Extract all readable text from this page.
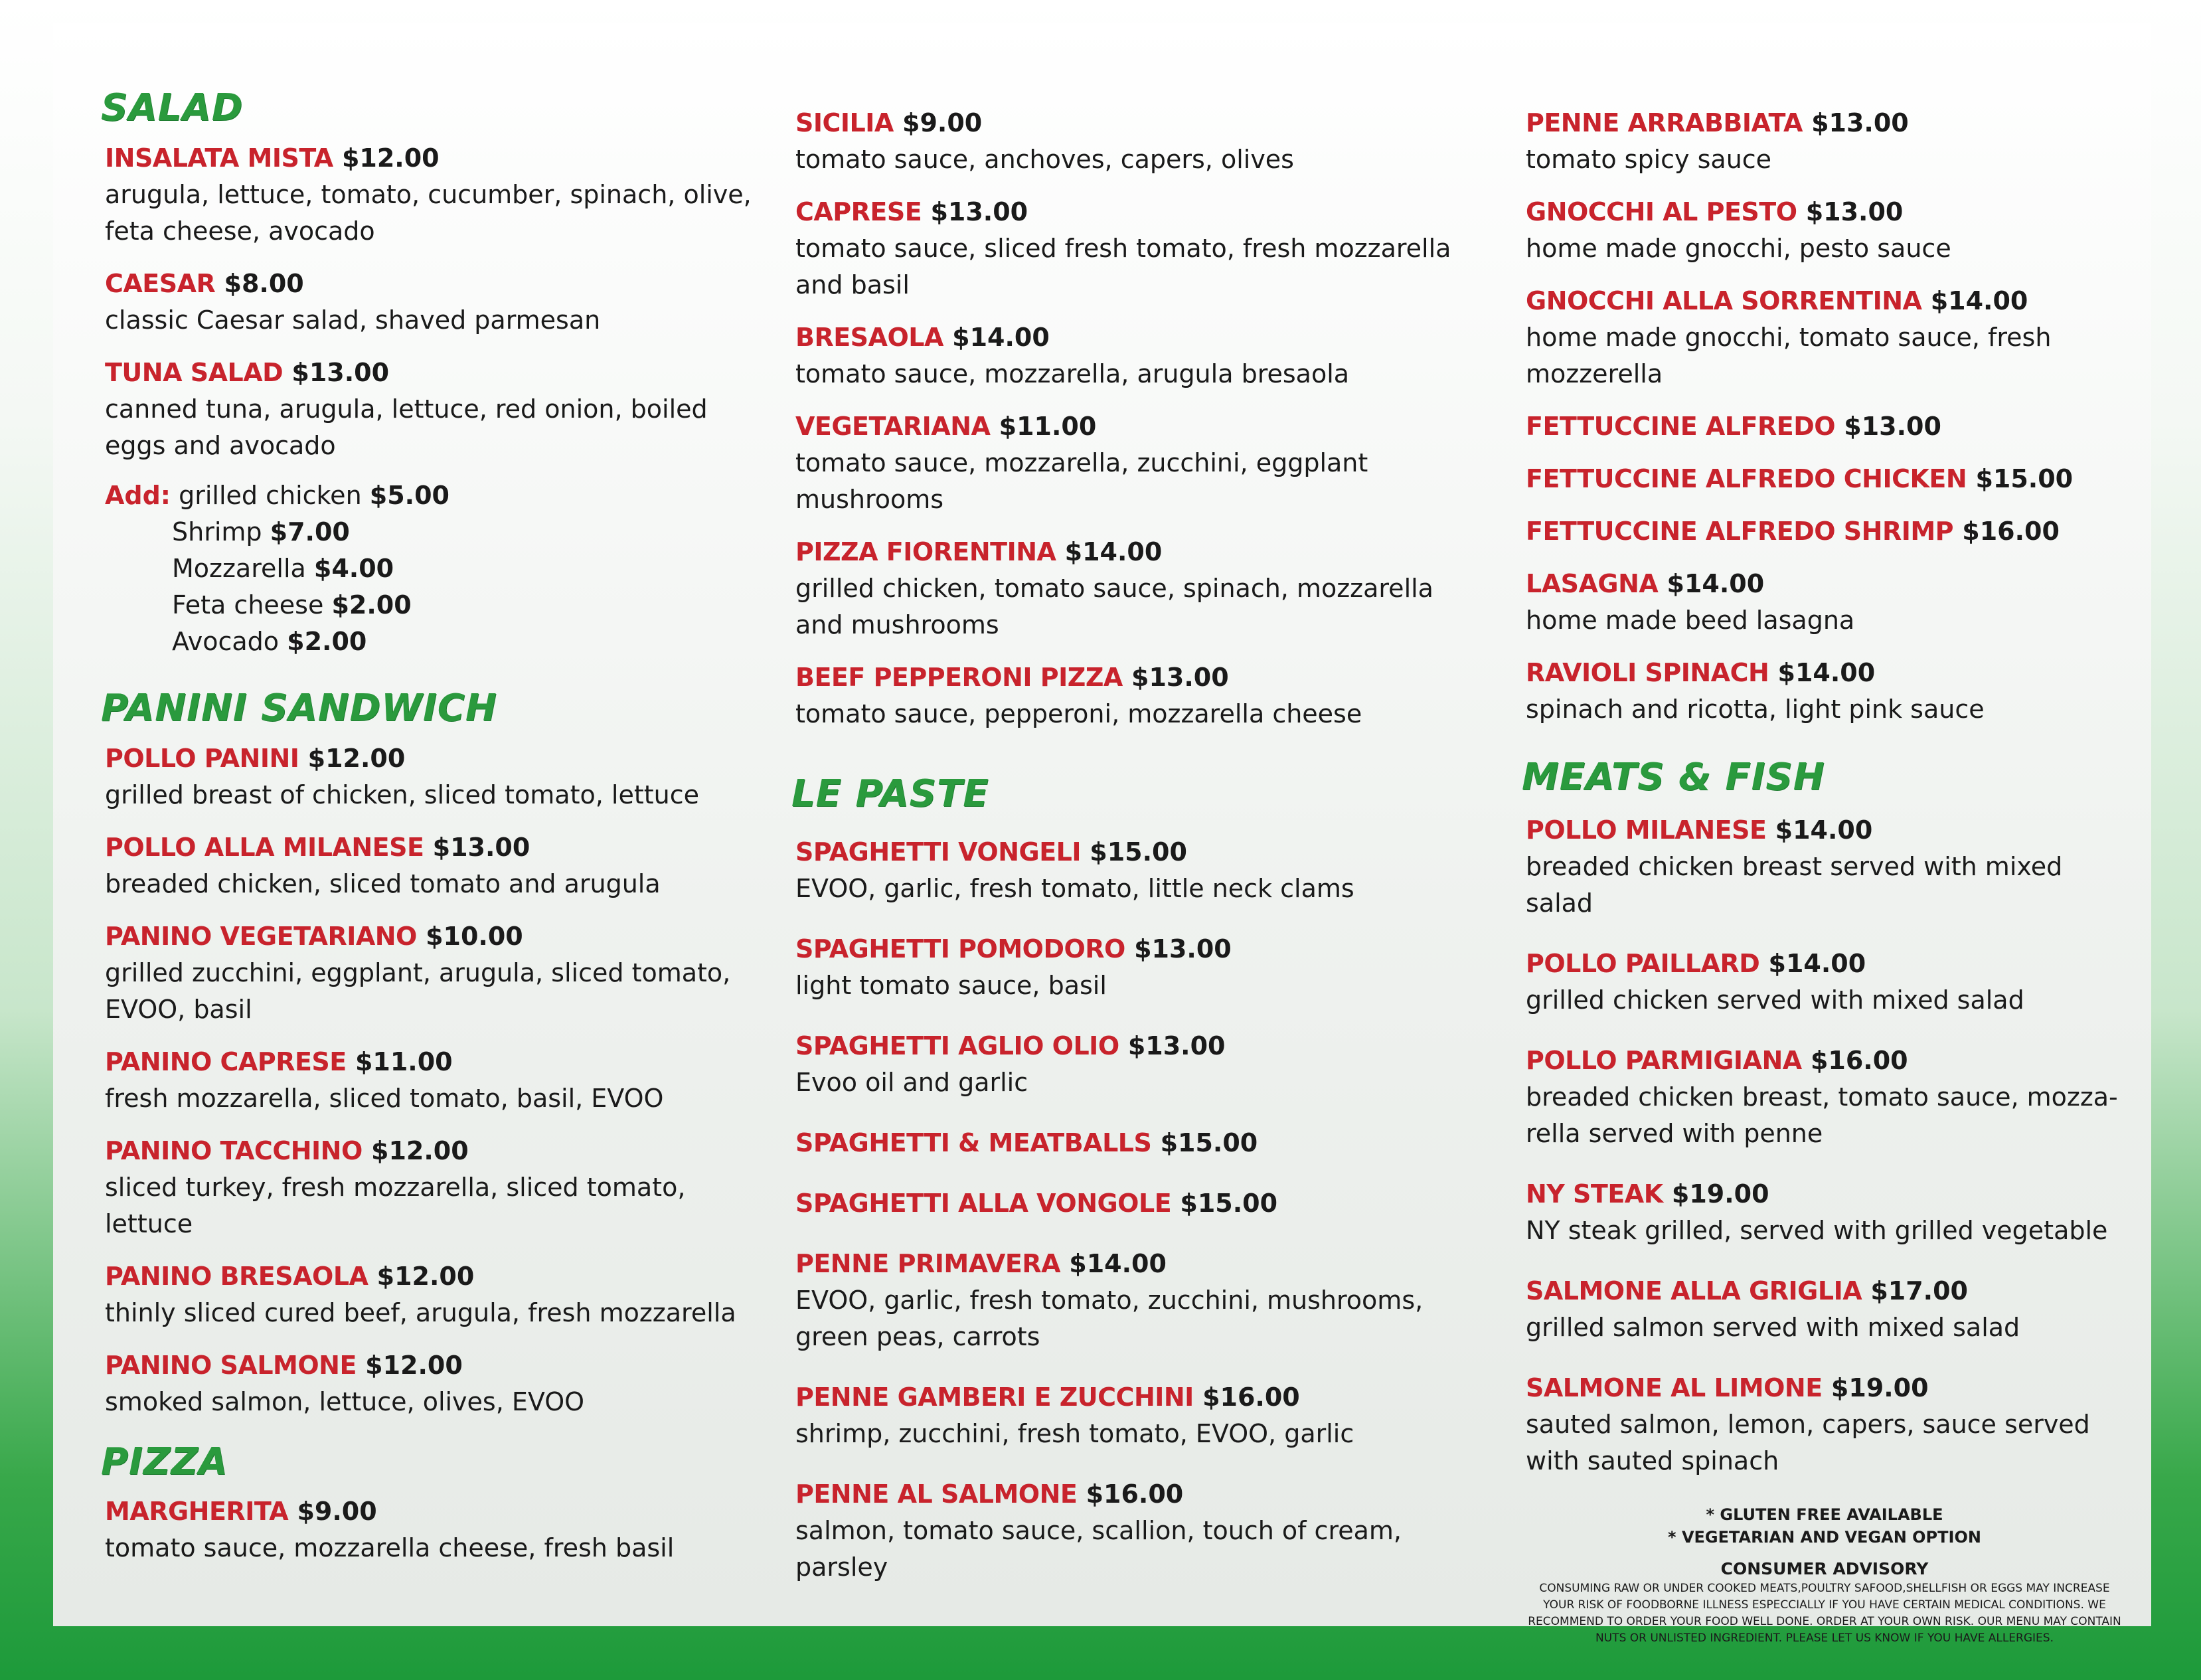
SALAD
INSALATA MISTA $12.00
arugula, lettuce, tomato, cucumber, spinach, olive, feta cheese, avocado
CAESAR $8.00
classic Caesar salad, shaved parmesan
TUNA SALAD $13.00
canned tuna, arugula, lettuce, red onion, boiled eggs and avocado
Add: grilled chicken $5.00
Shrimp $7.00
Mozzarella $4.00
Feta cheese $2.00
Avocado $2.00
PANINI SANDWICH
POLLO PANINI $12.00
grilled breast of chicken, sliced tomato, lettuce
POLLO ALLA MILANESE $13.00
breaded chicken, sliced tomato and arugula
PANINO VEGETARIANO $10.00
grilled zucchini, eggplant, arugula, sliced tomato, EVOO, basil
PANINO CAPRESE $11.00
fresh mozzarella, sliced tomato, basil, EVOO
PANINO TACCHINO $12.00
sliced turkey, fresh mozzarella, sliced tomato, lettuce
PANINO BRESAOLA $12.00
thinly sliced cured beef, arugula, fresh mozzarella
PANINO SALMONE $12.00
smoked salmon, lettuce, olives, EVOO
PIZZA
MARGHERITA $9.00
tomato sauce, mozzarella cheese, fresh basil
SICILIA $9.00
tomato sauce, anchoves, capers, olives
CAPRESE $13.00
tomato sauce, sliced fresh tomato, fresh mozzarella and basil
BRESAOLA $14.00
tomato sauce, mozzarella, arugula bresaola
VEGETARIANA $11.00
tomato sauce, mozzarella, zucchini, eggplant mushrooms
PIZZA FIORENTINA $14.00
grilled chicken, tomato sauce, spinach, mozzarella and mushrooms
BEEF PEPPERONI PIZZA $13.00
tomato sauce, pepperoni, mozzarella cheese
LE PASTE
SPAGHETTI VONGELI $15.00
EVOO, garlic, fresh tomato, little neck clams
SPAGHETTI POMODORO $13.00
light tomato sauce, basil
SPAGHETTI AGLIO OLIO $13.00
Evoo oil and garlic
SPAGHETTI & MEATBALLS $15.00
SPAGHETTI ALLA VONGOLE $15.00
PENNE PRIMAVERA $14.00
EVOO, garlic, fresh tomato, zucchini, mushrooms, green peas, carrots
PENNE GAMBERI E ZUCCHINI $16.00
shrimp, zucchini, fresh tomato, EVOO, garlic
PENNE AL SALMONE $16.00
salmon, tomato sauce, scallion, touch of cream, parsley
PENNE ARRABBIATA $13.00
tomato spicy sauce
GNOCCHI AL PESTO $13.00
home made gnocchi, pesto sauce
GNOCCHI ALLA SORRENTINA $14.00
home made gnocchi, tomato sauce, fresh mozzerella
FETTUCCINE ALFREDO $13.00
FETTUCCINE ALFREDO CHICKEN $15.00
FETTUCCINE ALFREDO SHRIMP $16.00
LASAGNA $14.00
home made beed lasagna
RAVIOLI SPINACH $14.00
spinach and ricotta, light pink sauce
MEATS & FISH
POLLO MILANESE $14.00
breaded chicken breast served with mixed salad
POLLO PAILLARD $14.00
grilled chicken served with mixed salad
POLLO PARMIGIANA $16.00
breaded chicken breast, tomato sauce, mozza-rella served with penne
NY STEAK $19.00
NY steak grilled, served with grilled vegetable
SALMONE ALLA GRIGLIA $17.00
grilled salmon served with mixed salad
SALMONE AL LIMONE $19.00
sauted salmon, lemon, capers, sauce served with sauted spinach
* GLUTEN FREE AVAILABLE
* VEGETARIAN AND VEGAN OPTION
CONSUMER ADVISORY
CONSUMING RAW OR UNDER COOKED MEATS,POULTRY SAFOOD,SHELLFISH OR EGGS MAY INCREASE YOUR RISK OF FOODBORNE ILLNESS ESPECCIALLY IF YOU HAVE CERTAIN MEDICAL CONDITIONS. WE RECOMMEND TO ORDER YOUR FOOD WELL DONE. ORDER AT YOUR OWN RISK. OUR MENU MAY CONTAIN NUTS OR UNLISTED INGREDIENT. PLEASE LET US KNOW IF YOU HAVE ALLERGIES.
